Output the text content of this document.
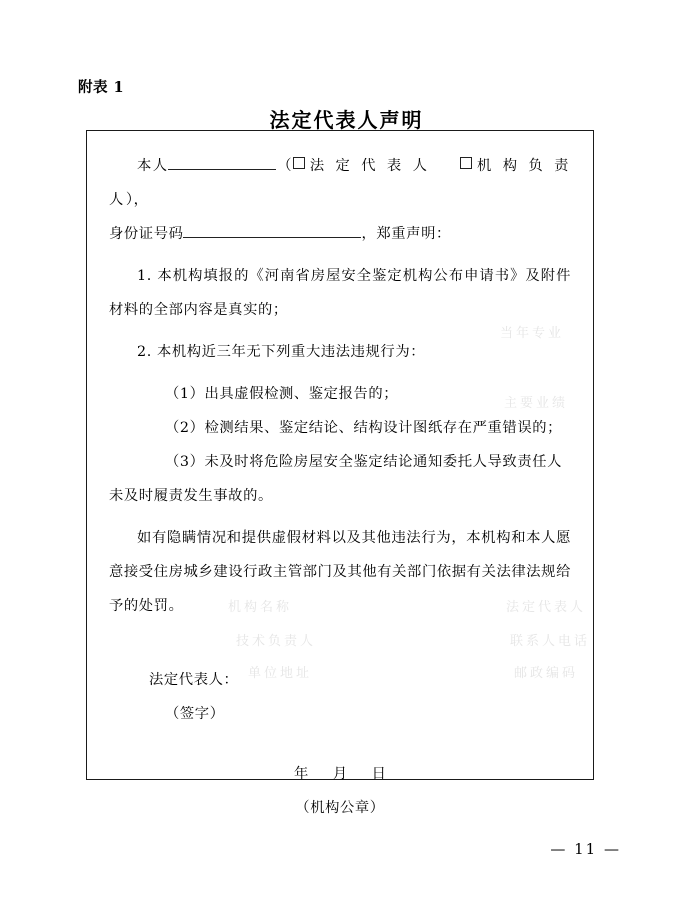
附表 1
法定代表人声明
当年专业
主要业绩
机构名称	法定代表人
技术负责人	联系人电话
单位地址	邮政编码

本人	（ 法 定 代 表 人	机 构 负 责 人），

身份证号码	，郑重声明：

1. 本机构填报的《河南省房屋安全鉴定机构公布申请书》及附件材料的全部内容是真实的；

2. 本机构近三年无下列重大违法违规行为：

（1）出具虚假检测、鉴定报告的；

（2）检测结果、鉴定结论、结构设计图纸存在严重错误的；

（3）未及时将危险房屋安全鉴定结论通知委托人导致责任人未及时履责发生事故的。

如有隐瞒情况和提供虚假材料以及其他违法行为，本机构和本人愿意接受住房城乡建设行政主管部门及其他有关部门依据有关法律法规给予的处罚。

法定代表人：
（签字）
年 月 日
（机构公章）
— 11 —
